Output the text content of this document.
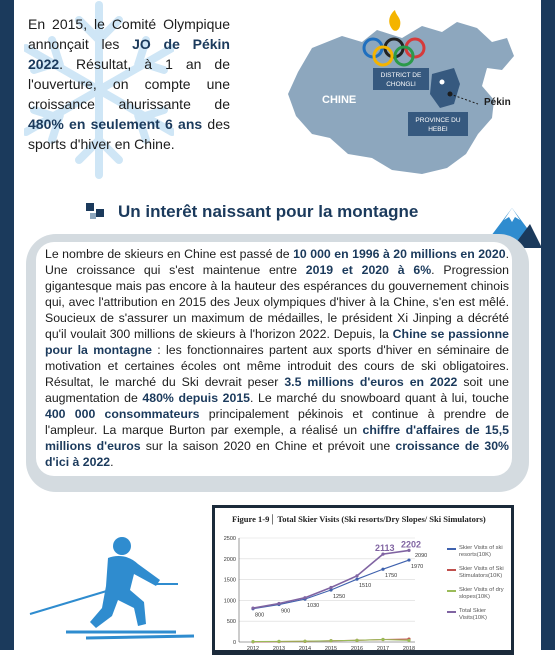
En 2015, le Comité Olympique annonçait les JO de Pékin 2022. Résultat, à 1 an de l'ouverture, on compte une croissance ahurissante de 480% en seulement 6 ans des sports d'hiver en Chine.
CHINE
DISTRICT DE
CHONGLI
Pékin
PROVINCE DU
HEBEI
Un interêt naissant pour la montagne
Le nombre de skieurs en Chine est passé de 10 000 en 1996 à 20 millions en 2020. Une croissance qui s'est maintenue entre 2019 et 2020 à 6%. Progression gigantesque mais pas encore à la hauteur des espérances du gouvernement chinois qui, avec l'attribution en 2015 des Jeux olympiques d'hiver à la Chine, s'en est mêlé. Soucieux de s'assurer un maximum de médailles, le président Xi Jinping a décrété qu'il voulait 300 millions de skieurs à l'horizon 2022. Depuis, la Chine se passionne pour la montagne : les fonctionnaires partent aux sports d'hiver en séminaire de motivation et certaines écoles ont même introduit des cours de ski obligatoires. Résultat, le marché du Ski devrait peser 3.5 millions d'euros en 2022 soit une augmentation de 480% depuis 2015. Le marché du snowboard quant à lui, touche 400 000 consommateurs principalement pékinois et continue à prendre de l'ampleur. La marque Burton par exemple, a réalisé un chiffre d'affaires de 15,5 millions d'euros sur la saison 2020 en Chine et prévoit une croissance de 30% d'ici à 2022.
Figure 1-9│ Total Skier Visits (Ski resorts/Dry Slopes/ Ski Simulators)
0
500
1000
1500
2000
2500
2012	2013	2014	2015	2016	2017	2018
800
900
1030
1250
1510
1750
1970
2113 2202
2090
Skier Visits of ski resorts(10K)
Skier Visits of Ski Stimulators(10K)
Skier Visits of dry slopes(10K)
Total Skier Visits(10K)
